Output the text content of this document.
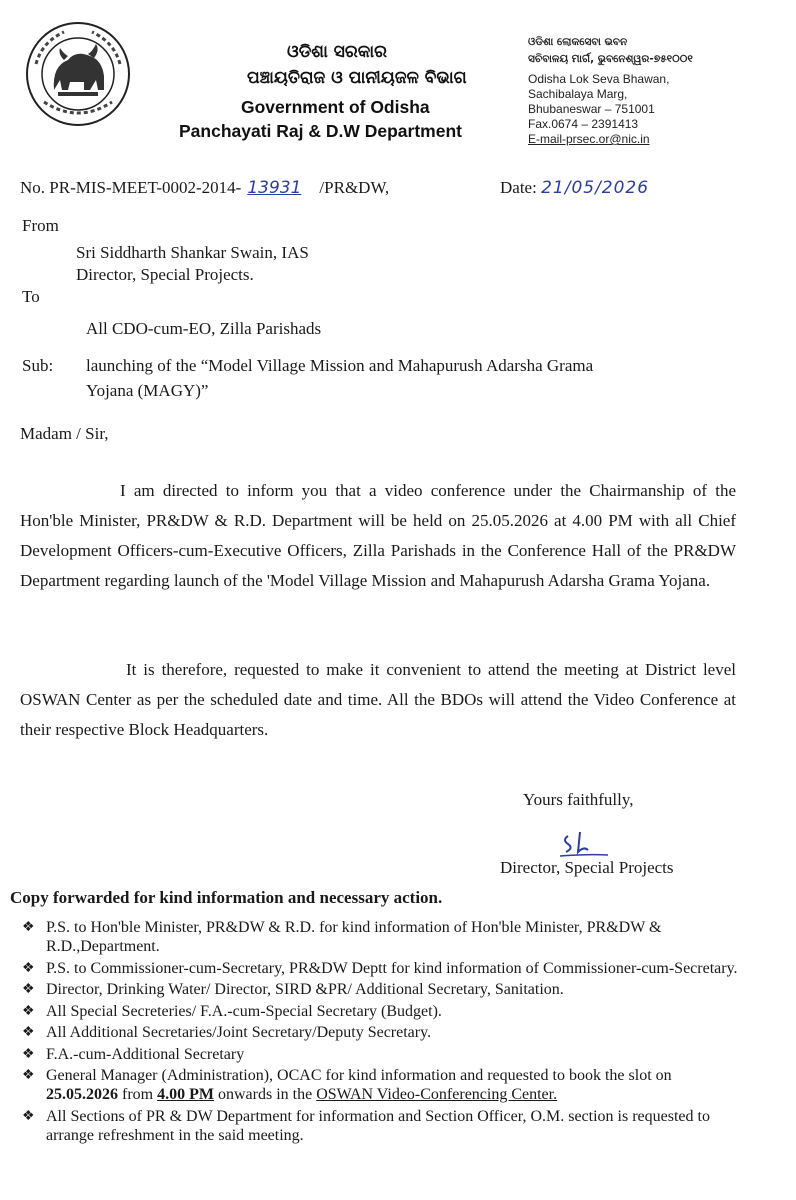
ଓଡିଶା ସରକାର
ପଞ୍ଚାୟତିରାଜ ଓ ପାନୀୟଜଳ ବିଭାଗ
Government of Odisha
Panchayati Raj & D.W Department
ଓଡିଶା ଲୋକସେବା ଭବନ
ସଚିବାଳୟ ମାର୍ଗ, ଭୁବନେଶ୍ୱର-୭୫୧୦୦୧
Odisha Lok Seva Bhawan,
Sachibalaya Marg,
Bhubaneswar – 751001
Fax.0674 – 2391413
E-mail-prsec.or@nic.in
No. PR-MIS-MEET-0002-2014- 13931 /PR&DW,	Date: 21/05/2026
From
Sri Siddharth Shankar Swain, IAS
Director, Special Projects.
To
All CDO-cum-EO, Zilla Parishads
Sub: launching of the “Model Village Mission and Mahapurush Adarsha Grama
Yojana (MAGY)”
Madam / Sir,
I am directed to inform you that a video conference under the Chairmanship of the Hon'ble Minister, PR&DW & R.D. Department will be held on 25.05.2026 at 4.00 PM with all Chief Development Officers-cum-Executive Officers, Zilla Parishads in the Conference Hall of the PR&DW Department regarding launch of the 'Model Village Mission and Mahapurush Adarsha Grama Yojana.
It is therefore, requested to make it convenient to attend the meeting at District level OSWAN Center as per the scheduled date and time. All the BDOs will attend the Video Conference at their respective Block Headquarters.
Yours faithfully,
Director, Special Projects
Copy forwarded for kind information and necessary action.
❖ P.S. to Hon'ble Minister, PR&DW & R.D. for kind information of Hon'ble Minister, PR&DW & R.D.,Department.
❖ P.S. to Commissioner-cum-Secretary, PR&DW Deptt for kind information of Commissioner-cum-Secretary.
❖ Director, Drinking Water/ Director, SIRD &PR/ Additional Secretary, Sanitation.
❖ All Special Secreteries/ F.A.-cum-Special Secretary (Budget).
❖ All Additional Secretaries/Joint Secretary/Deputy Secretary.
❖ F.A.-cum-Additional Secretary
❖ General Manager (Administration), OCAC for kind information and requested to book the slot on 25.05.2026 from 4.00 PM onwards in the OSWAN Video-Conferencing Center.
❖ All Sections of PR & DW Department for information and Section Officer, O.M. section is requested to arrange refreshment in the said meeting.
